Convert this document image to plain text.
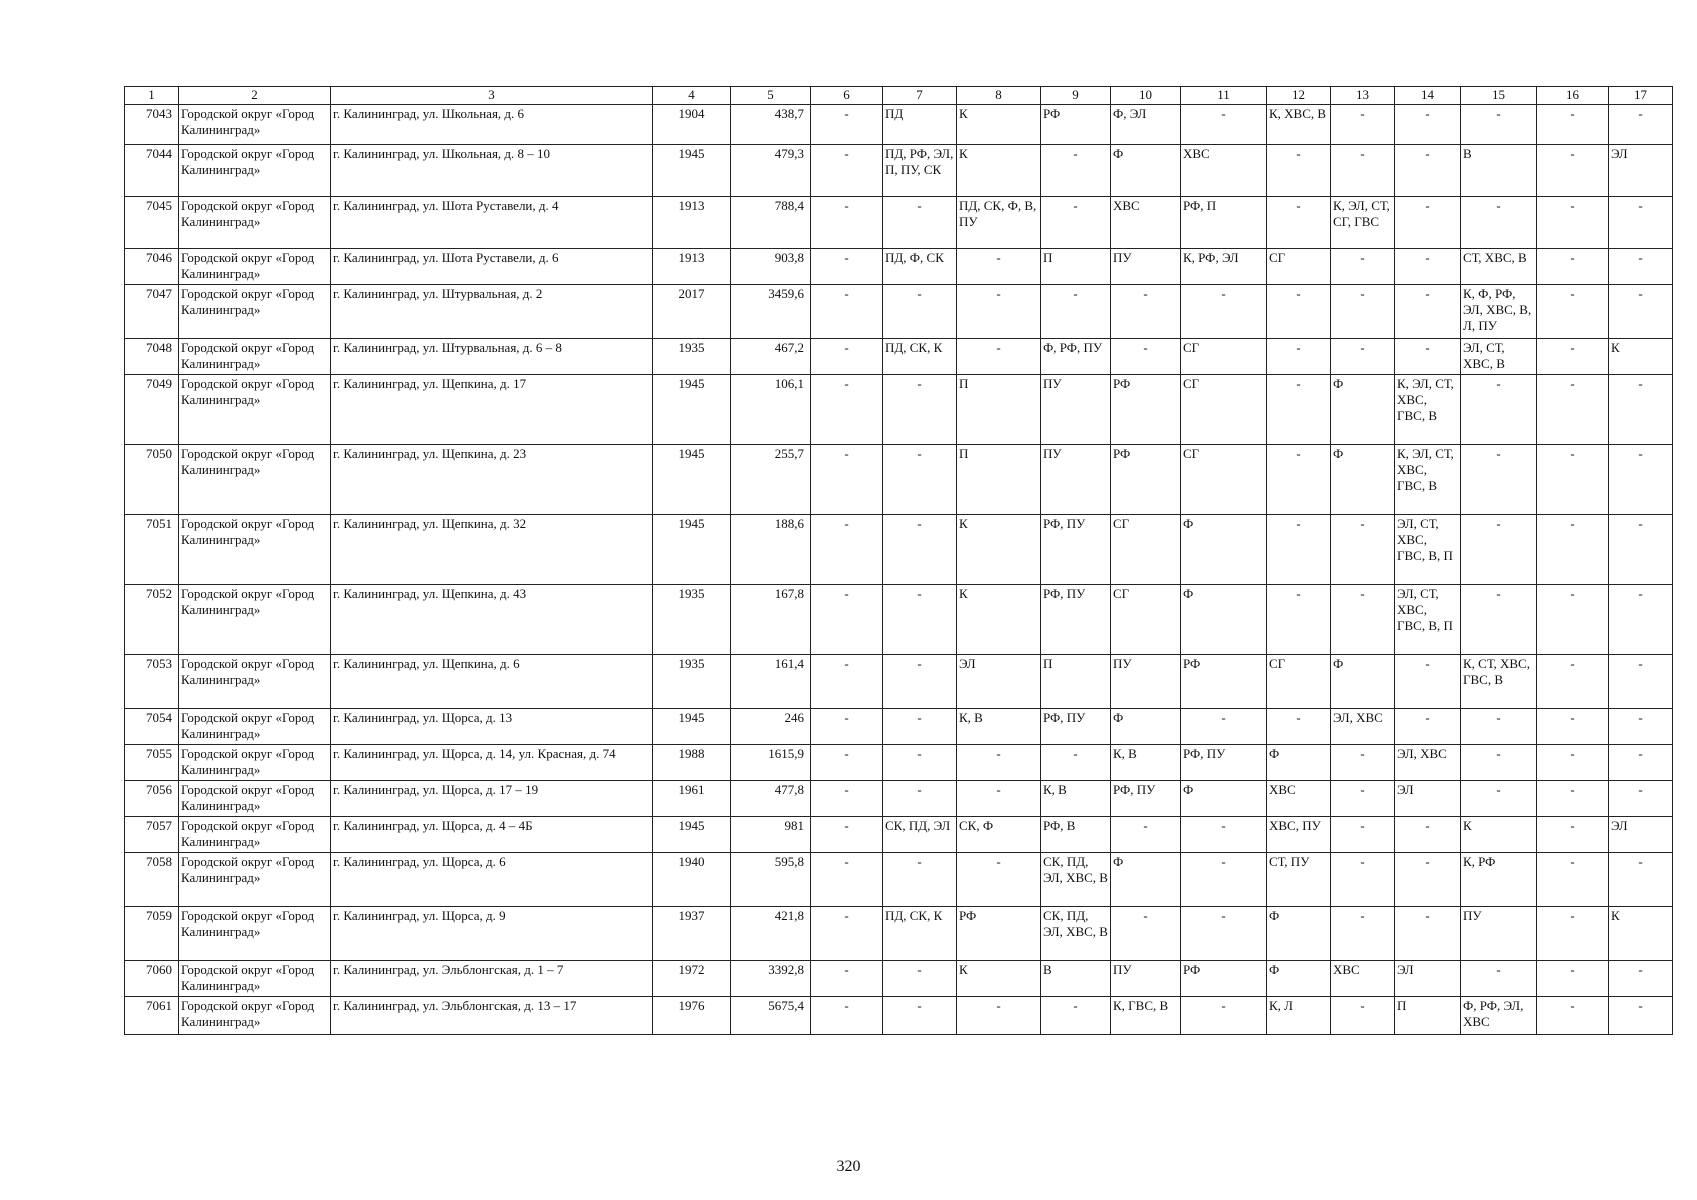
1	2	3	4	5	6	7	8	9	10	11	12	13	14	15	16	17
7043	Городской округ «Город Калининград»	г. Калининград, ул. Школьная, д. 6	1904	438,7	-	ПД	К	РФ	Ф, ЭЛ	-	К, ХВС, В	-	-	-	-	-
7044	Городской округ «Город Калининград»	г. Калининград, ул. Школьная, д. 8 – 10	1945	479,3	-	ПД, РФ, ЭЛ, П, ПУ, СК	К	-	Ф	ХВС	-	-	-	В	-	ЭЛ
7045	Городской округ «Город Калининград»	г. Калининград, ул. Шота Руставели, д. 4	1913	788,4	-	-	ПД, СК, Ф, В, ПУ	-	ХВС	РФ, П	-	К, ЭЛ, СТ, СГ, ГВС	-	-	-	-
7046	Городской округ «Город Калининград»	г. Калининград, ул. Шота Руставели, д. 6	1913	903,8	-	ПД, Ф, СК	-	П	ПУ	К, РФ, ЭЛ	СГ	-	-	СТ, ХВС, В	-	-
7047	Городской округ «Город Калининград»	г. Калининград, ул. Штурвальная, д. 2	2017	3459,6	-	-	-	-	-	-	-	-	-	К, Ф, РФ, ЭЛ, ХВС, В, Л, ПУ	-	-
7048	Городской округ «Город Калининград»	г. Калининград, ул. Штурвальная, д. 6 – 8	1935	467,2	-	ПД, СК, К	-	Ф, РФ, ПУ	-	СГ	-	-	-	ЭЛ, СТ, ХВС, В	-	К
7049	Городской округ «Город Калининград»	г. Калининград, ул. Щепкина, д. 17	1945	106,1	-	-	П	ПУ	РФ	СГ	-	Ф	К, ЭЛ, СТ, ХВС, ГВС, В	-	-	-
7050	Городской округ «Город Калининград»	г. Калининград, ул. Щепкина, д. 23	1945	255,7	-	-	П	ПУ	РФ	СГ	-	Ф	К, ЭЛ, СТ, ХВС, ГВС, В	-	-	-
7051	Городской округ «Город Калининград»	г. Калининград, ул. Щепкина, д. 32	1945	188,6	-	-	К	РФ, ПУ	СГ	Ф	-	-	ЭЛ, СТ, ХВС, ГВС, В, П	-	-	-
7052	Городской округ «Город Калининград»	г. Калининград, ул. Щепкина, д. 43	1935	167,8	-	-	К	РФ, ПУ	СГ	Ф	-	-	ЭЛ, СТ, ХВС, ГВС, В, П	-	-	-
7053	Городской округ «Город Калининград»	г. Калининград, ул. Щепкина, д. 6	1935	161,4	-	-	ЭЛ	П	ПУ	РФ	СГ	Ф	-	К, СТ, ХВС, ГВС, В	-	-
7054	Городской округ «Город Калининград»	г. Калининград, ул. Щорса, д. 13	1945	246	-	-	К, В	РФ, ПУ	Ф	-	-	ЭЛ, ХВС	-	-	-	-
7055	Городской округ «Город Калининград»	г. Калининград, ул. Щорса, д. 14, ул. Красная, д. 74	1988	1615,9	-	-	-	-	К, В	РФ, ПУ	Ф	-	ЭЛ, ХВС	-	-	-
7056	Городской округ «Город Калининград»	г. Калининград, ул. Щорса, д. 17 – 19	1961	477,8	-	-	-	К, В	РФ, ПУ	Ф	ХВС	-	ЭЛ	-	-	-
7057	Городской округ «Город Калининград»	г. Калининград, ул. Щорса, д. 4 – 4Б	1945	981	-	СК, ПД, ЭЛ	СК, Ф	РФ, В	-	-	ХВС, ПУ	-	-	К	-	ЭЛ
7058	Городской округ «Город Калининград»	г. Калининград, ул. Щорса, д. 6	1940	595,8	-	-	-	СК, ПД, ЭЛ, ХВС, В	Ф	-	СТ, ПУ	-	-	К, РФ	-	-
7059	Городской округ «Город Калининград»	г. Калининград, ул. Щорса, д. 9	1937	421,8	-	ПД, СК, К	РФ	СК, ПД, ЭЛ, ХВС, В	-	-	Ф	-	-	ПУ	-	К
7060	Городской округ «Город Калининград»	г. Калининград, ул. Эльблонгская, д. 1 – 7	1972	3392,8	-	-	К	В	ПУ	РФ	Ф	ХВС	ЭЛ	-	-	-
7061	Городской округ «Город Калининград»	г. Калининград, ул. Эльблонгская, д. 13 – 17	1976	5675,4	-	-	-	-	К, ГВС, В	-	К, Л	-	П	Ф, РФ, ЭЛ, ХВС	-	-
320
